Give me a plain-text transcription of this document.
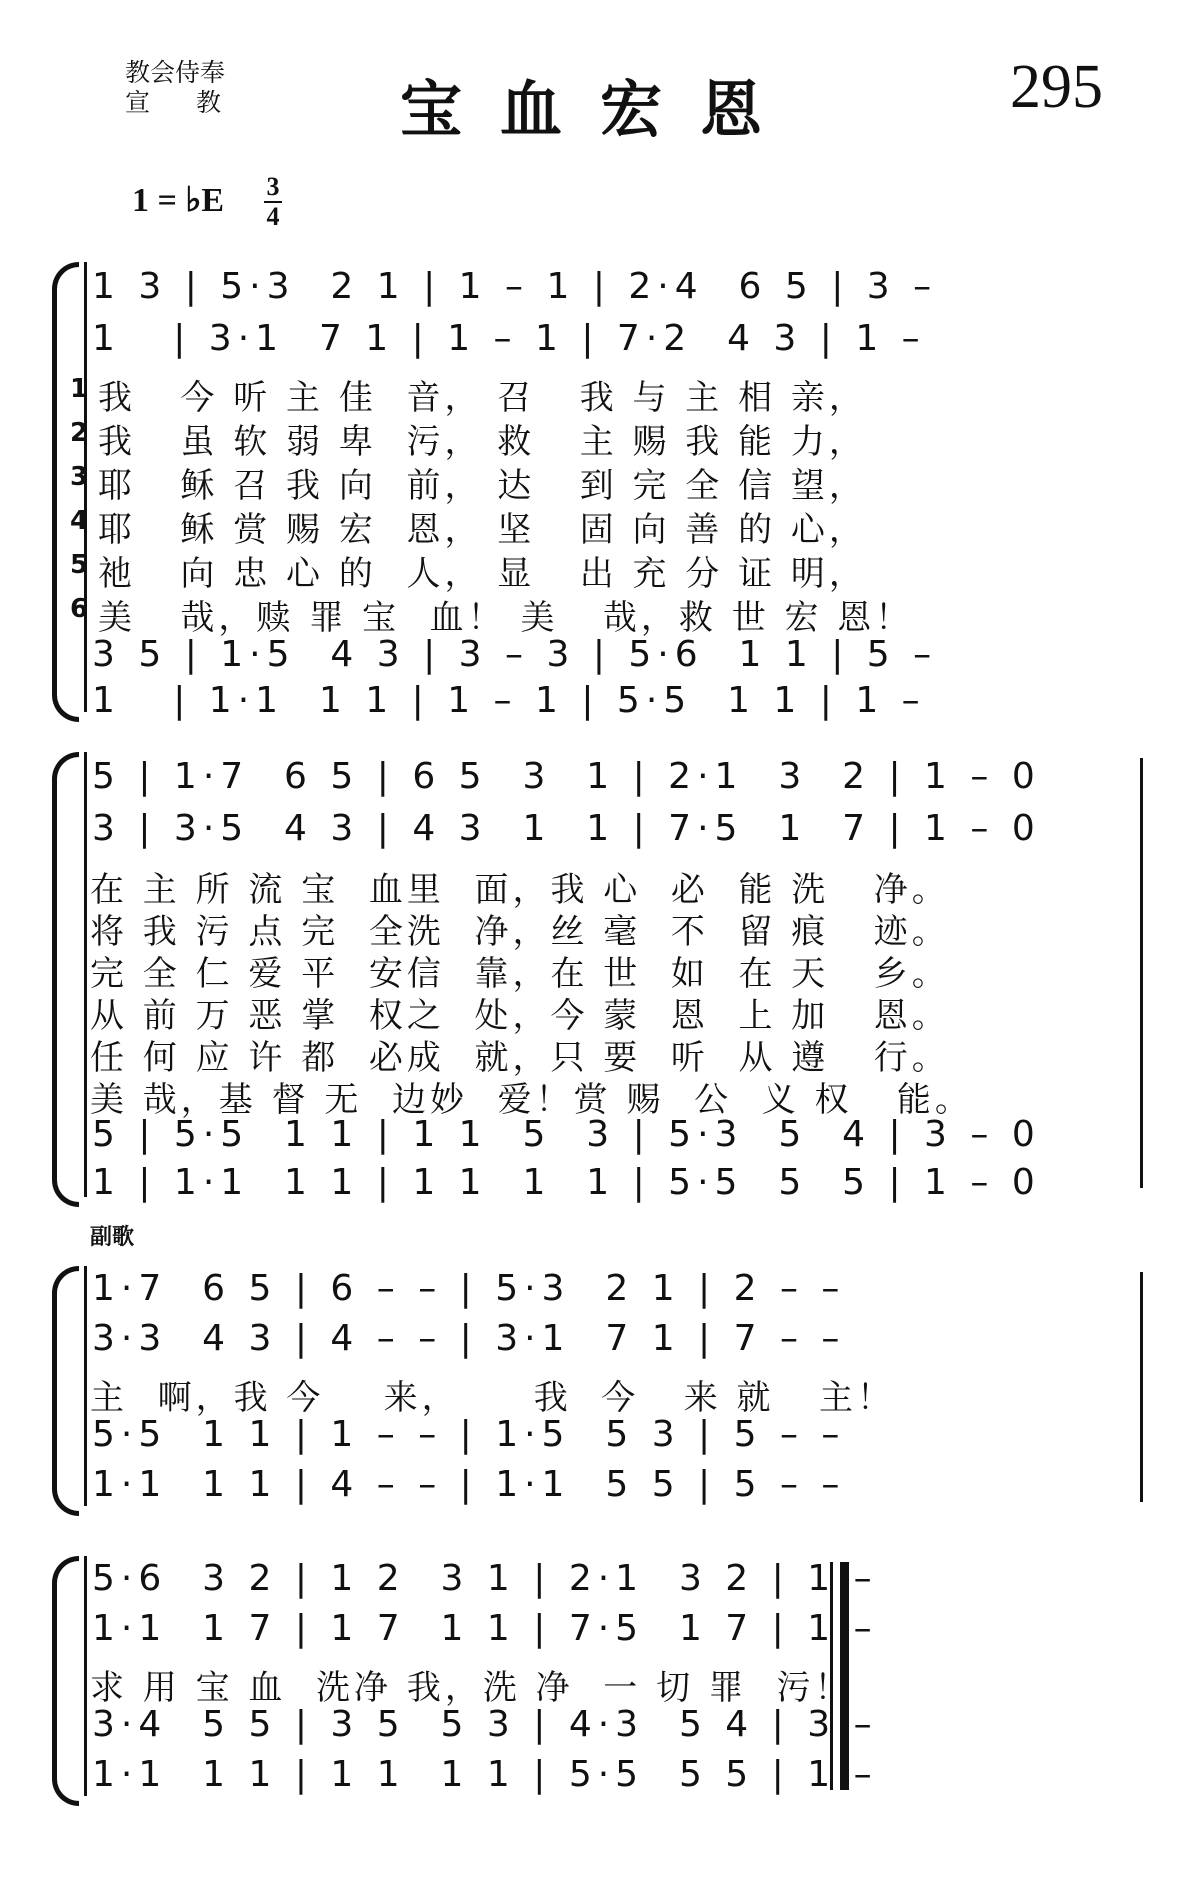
教会侍奉
宣教 宝血宏恩	295
1 = ♭E 3
4
1 3 | 5·3  2 1 | 1 – 1 | 2·4  6 5 | 3 –
1   | 3·1  7 1 | 1 – 1 | 7·2  4 3 | 1 –
1 我   今 听 主 佳  音， 召   我 与 主 相 亲，
2 我   虽 软 弱 卑  污， 救   主 赐 我 能 力，
3 耶   稣 召 我 向  前， 达   到 完 全 信 望，
4 耶   稣 赏 赐 宏  恩， 坚   固 向 善 的 心，
5 祂   向 忠 心 的  人， 显   出 充 分 证 明，
6 美   哉，赎 罪 宝  血！ 美   哉，救 世 宏 恩！
3 5 | 1·5  4 3 | 3 – 3 | 5·6  1 1 | 5 –
1   | 1·1  1 1 | 1 – 1 | 5·5  1 1 | 1 –
5 | 1·7  6 5 | 6 5  3  1 | 2·1  3  2 | 1 – 0
3 | 3·5  4 3 | 4 3  1  1 | 7·5  1  7 | 1 – 0
在 主 所 流 宝  血里  面，我 心  必  能 洗   净。
将 我 污 点 完  全洗  净，丝 毫  不  留 痕   迹。
完 全 仁 爱 平  安信  靠，在 世  如  在 天   乡。
从 前 万 恶 掌  权之  处，今 蒙  恩  上 加   恩。
任 何 应 许 都  必成  就，只 要  听  从 遵   行。
美 哉，基 督 无  边妙  爱！赏 赐  公  义 权   能。
5 | 5·5  1 1 | 1 1  5  3 | 5·3  5  4 | 3 – 0
1 | 1·1  1 1 | 1 1  1  1 | 5·5  5  5 | 1 – 0
副歌
1·7  6 5 | 6 – – | 5·3  2 1 | 2 – –
3·3  4 3 | 4 – – | 3·1  7 1 | 7 – –
主  啊，我 今    来，     我  今   来 就   主！
5·5  1 1 | 1 – – | 1·5  5 3 | 5 – –
1·1  1 1 | 4 – – | 1·1  5 5 | 5 – –
5·6  3 2 | 1 2  3 1 | 2·1  3 2 | 1 –
1·1  1 7 | 1 7  1 1 | 7·5  1 7 | 1 –
求 用 宝 血  洗净 我，洗 净  一 切 罪  污！
3·4  5 5 | 3 5  5 3 | 4·3  5 4 | 3 –
1·1  1 1 | 1 1  1 1 | 5·5  5 5 | 1 –
